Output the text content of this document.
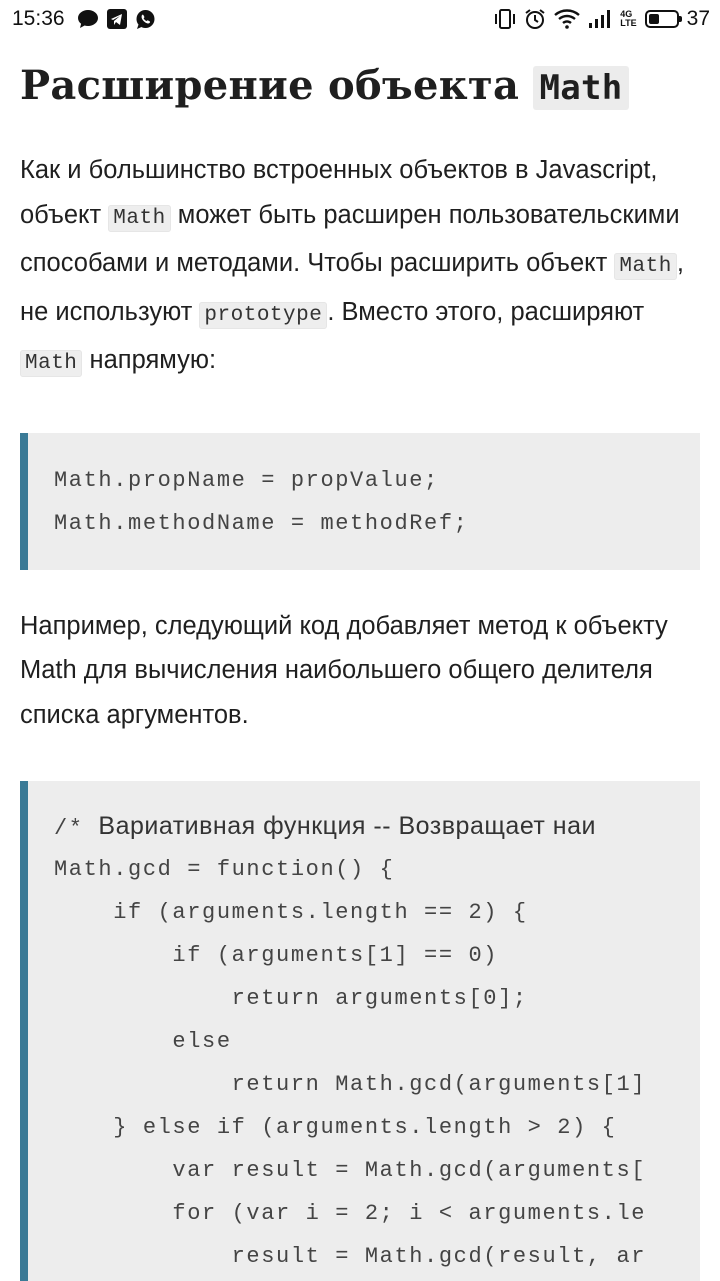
15:36	4G
LTE 37
Расширение объекта Math

Как и большинство встроенных объектов в Javascript, объект Math может быть расширен пользовательскими способами и методами. Чтобы расширить объект Math , не используют prototype . Вместо этого, расширяют Math напрямую:

Math.propName = propValue;
Math.methodName = methodRef;

Например, следующий код добавляет метод к объекту Math для вычисления наибольшего общего делителя списка аргументов.

/* Вариативная функция -- Возвращает наи
Math.gcd = function() {
if (arguments.length == 2) {
if (arguments[1] == 0)
return arguments[0];
else
return Math.gcd(arguments[1]
} else if (arguments.length > 2) {
var result = Math.gcd(arguments[
for (var i = 2; i < arguments.le
result = Math.gcd(result, ar
